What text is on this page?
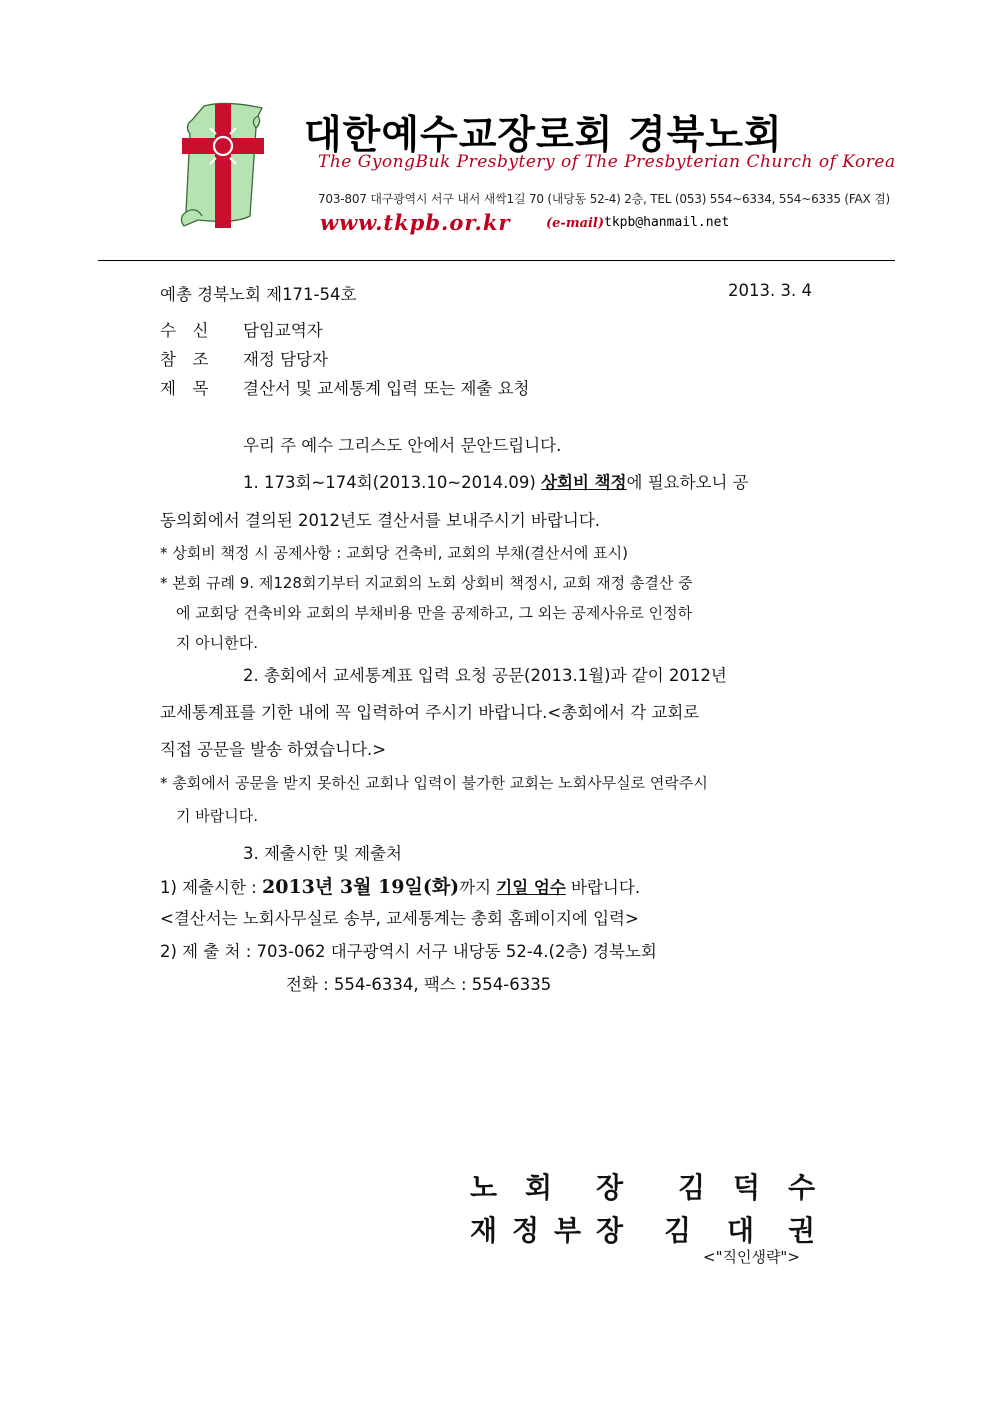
대한예수교장로회 경북노회
The GyongBuk Presbytery of The Presbyterian Church of Korea
703-807 대구광역시 서구 내서 새싹1길 70 (내당동 52-4) 2층, TEL (053) 554~6334, 554~6335 (FAX 겸)
www.tkpb.or.kr	(e-mail) tkpb@hanmail.net
예총 경북노회 제171-54호	2013. 3. 4
수　신 담임교역자
참　조 재정 담당자
제　목 결산서 및 교세통계 입력 또는 제출 요청
우리 주 예수 그리스도 안에서 문안드립니다.
1. 173회~174회(2013.10~2014.09) 상회비 책정에 필요하오니 공
동의회에서 결의된 2012년도 결산서를 보내주시기 바랍니다.
* 상회비 책정 시 공제사항 : 교회당 건축비, 교회의 부채(결산서에 표시)
* 본회 규례 9. 제128회기부터 지교회의 노회 상회비 책정시, 교회 재정 총결산 중
에 교회당 건축비와 교회의 부채비용 만을 공제하고, 그 외는 공제사유로 인정하
지 아니한다.
2. 총회에서 교세통계표 입력 요청 공문(2013.1월)과 같이 2012년
교세통계표를 기한 내에 꼭 입력하여 주시기 바랍니다.<총회에서 각 교회로
직접 공문을 발송 하였습니다.>
* 총회에서 공문을 받지 못하신 교회나 입력이 불가한 교회는 노회사무실로 연락주시
기 바랍니다.
3. 제출시한 및 제출처
1) 제출시한 : 2013년 3월 19일(화)까지 기일 엄수 바랍니다.
<결산서는 노회사무실로 송부, 교세통계는 총회 홈페이지에 입력>
2) 제 출 처 : 703-062 대구광역시 서구 내당동 52-4.(2층) 경북노회
전화 : 554-6334, 팩스 : 554-6335
노 회 장 김 덕 수
재 정 부 장 김 대 권
<"직인생략">
